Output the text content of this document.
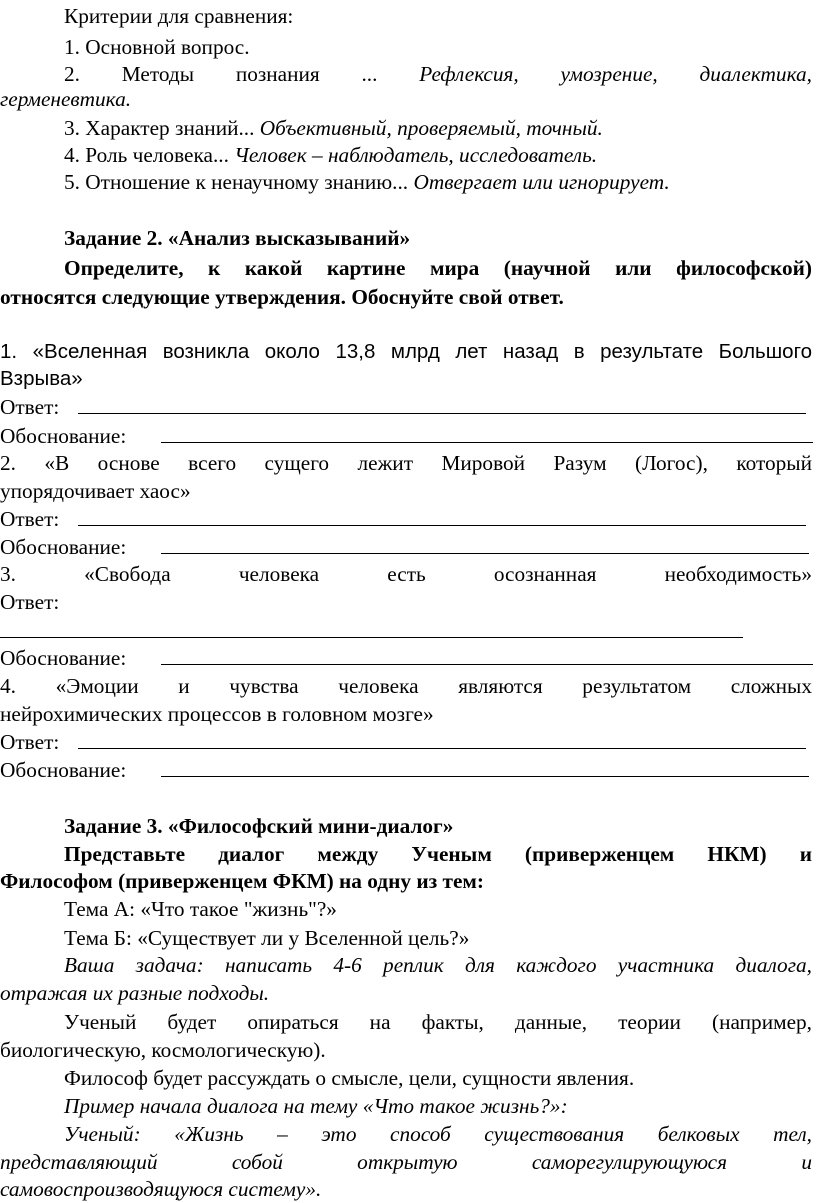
Критерии для сравнения:
1. Основной вопрос.
2. Методы познания ... Рефлексия, умозрение, диалектика,
герменевтика.
3. Характер знаний... Объективный, проверяемый, точный.
4. Роль человека... Человек – наблюдатель, исследователь.
5. Отношение к ненаучному знанию... Отвергает или игнорирует.
Задание 2. «Анализ высказываний»
Определите, к какой картине мира (научной или философской)
относятся следующие утверждения. Обоснуйте свой ответ.
1. «Вселенная возникла около 13,8 млрд лет назад в результате Большого
Взрыва»
Ответ:
Обоснование:
2. «В основе всего сущего лежит Мировой Разум (Логос), который
упорядочивает хаос»
Ответ:
Обоснование:
3. «Свобода человека есть осознанная необходимость»
Ответ:
Обоснование:
4. «Эмоции и чувства человека являются результатом сложных
нейрохимических процессов в головном мозге»
Ответ:
Обоснование:
Задание 3. «Философский мини-диалог»
Представьте диалог между Ученым (приверженцем НКМ) и
Философом (приверженцем ФКМ) на одну из тем:
Тема А: «Что такое "жизнь"?»
Тема Б: «Существует ли у Вселенной цель?»
Ваша задача: написать 4-6 реплик для каждого участника диалога,
отражая их разные подходы.
Ученый будет опираться на факты, данные, теории (например,
биологическую, космологическую).
Философ будет рассуждать о смысле, цели, сущности явления.
Пример начала диалога на тему «Что такое жизнь?»:
Ученый: «Жизнь – это способ существования белковых тел,
представляющий собой открытую саморегулирующуюся и
самовоспроизводящуюся систему».
